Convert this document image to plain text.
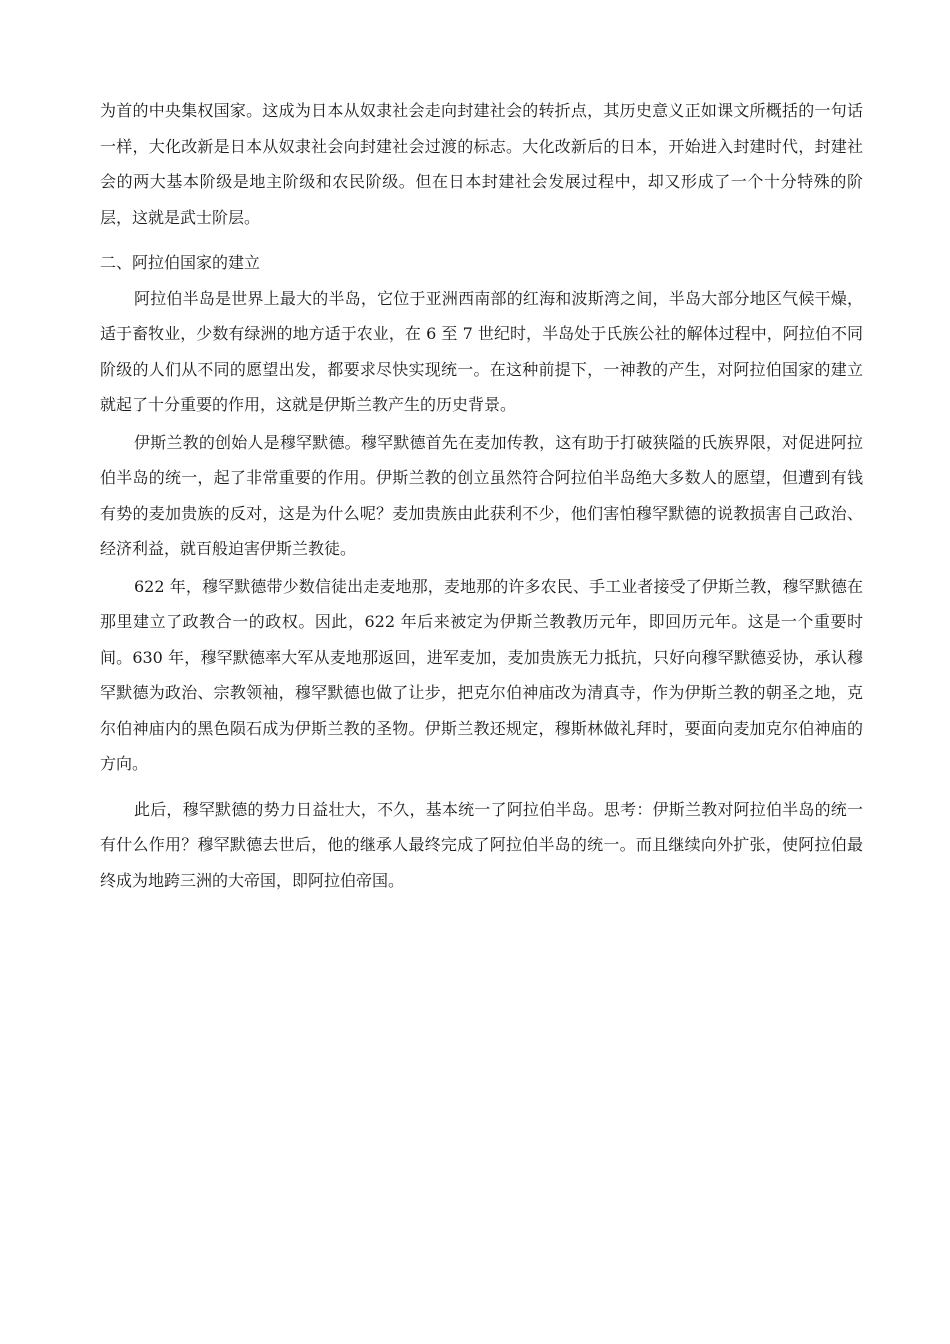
为首的中央集权国家。这成为日本从奴隶社会走向封建社会的转折点，其历史意义正如课文所概括的一句话一样，大化改新是日本从奴隶社会向封建社会过渡的标志。大化改新后的日本，开始进入封建时代，封建社会的两大基本阶级是地主阶级和农民阶级。但在日本封建社会发展过程中，却又形成了一个十分特殊的阶层，这就是武士阶层。

二、阿拉伯国家的建立

阿拉伯半岛是世界上最大的半岛，它位于亚洲西南部的红海和波斯湾之间，半岛大部分地区气候干燥，适于畜牧业，少数有绿洲的地方适于农业，在 6 至 7 世纪时，半岛处于氏族公社的解体过程中，阿拉伯不同阶级的人们从不同的愿望出发，都要求尽快实现统一。在这种前提下，一神教的产生，对阿拉伯国家的建立就起了十分重要的作用，这就是伊斯兰教产生的历史背景。

伊斯兰教的创始人是穆罕默德。穆罕默德首先在麦加传教，这有助于打破狭隘的氏族界限，对促进阿拉伯半岛的统一，起了非常重要的作用。伊斯兰教的创立虽然符合阿拉伯半岛绝大多数人的愿望，但遭到有钱有势的麦加贵族的反对，这是为什么呢？麦加贵族由此获利不少，他们害怕穆罕默德的说教损害自己政治、经济利益，就百般迫害伊斯兰教徒。

622 年，穆罕默德带少数信徒出走麦地那，麦地那的许多农民、手工业者接受了伊斯兰教，穆罕默德在那里建立了政教合一的政权。因此，622 年后来被定为伊斯兰教教历元年，即回历元年。这是一个重要时间。630 年，穆罕默德率大军从麦地那返回，进军麦加，麦加贵族无力抵抗，只好向穆罕默德妥协，承认穆罕默德为政治、宗教领袖，穆罕默德也做了让步，把克尔伯神庙改为清真寺，作为伊斯兰教的朝圣之地，克尔伯神庙内的黑色陨石成为伊斯兰教的圣物。伊斯兰教还规定，穆斯林做礼拜时，要面向麦加克尔伯神庙的方向。

此后，穆罕默德的势力日益壮大，不久，基本统一了阿拉伯半岛。思考：伊斯兰教对阿拉伯半岛的统一有什么作用？穆罕默德去世后，他的继承人最终完成了阿拉伯半岛的统一。而且继续向外扩张，使阿拉伯最终成为地跨三洲的大帝国，即阿拉伯帝国。
